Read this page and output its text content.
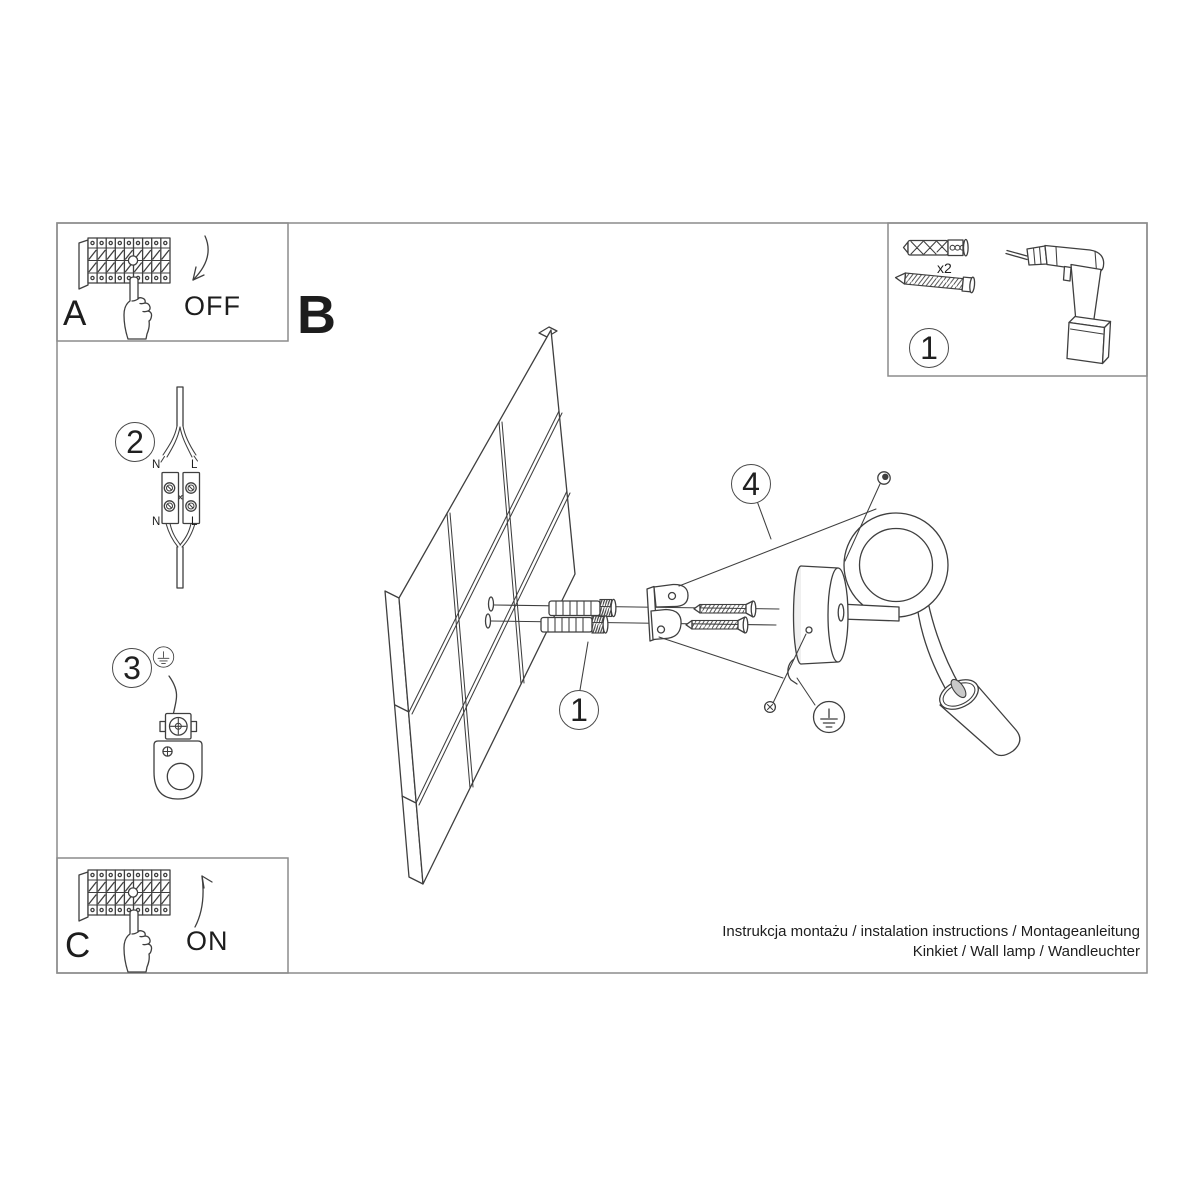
A	B
C
OFF
ON
1
1
2
3
4
x2
N	L
N	L
Instrukcja montażu / instalation instructions / Montageanleitung
Kinkiet / Wall lamp / Wandleuchter
